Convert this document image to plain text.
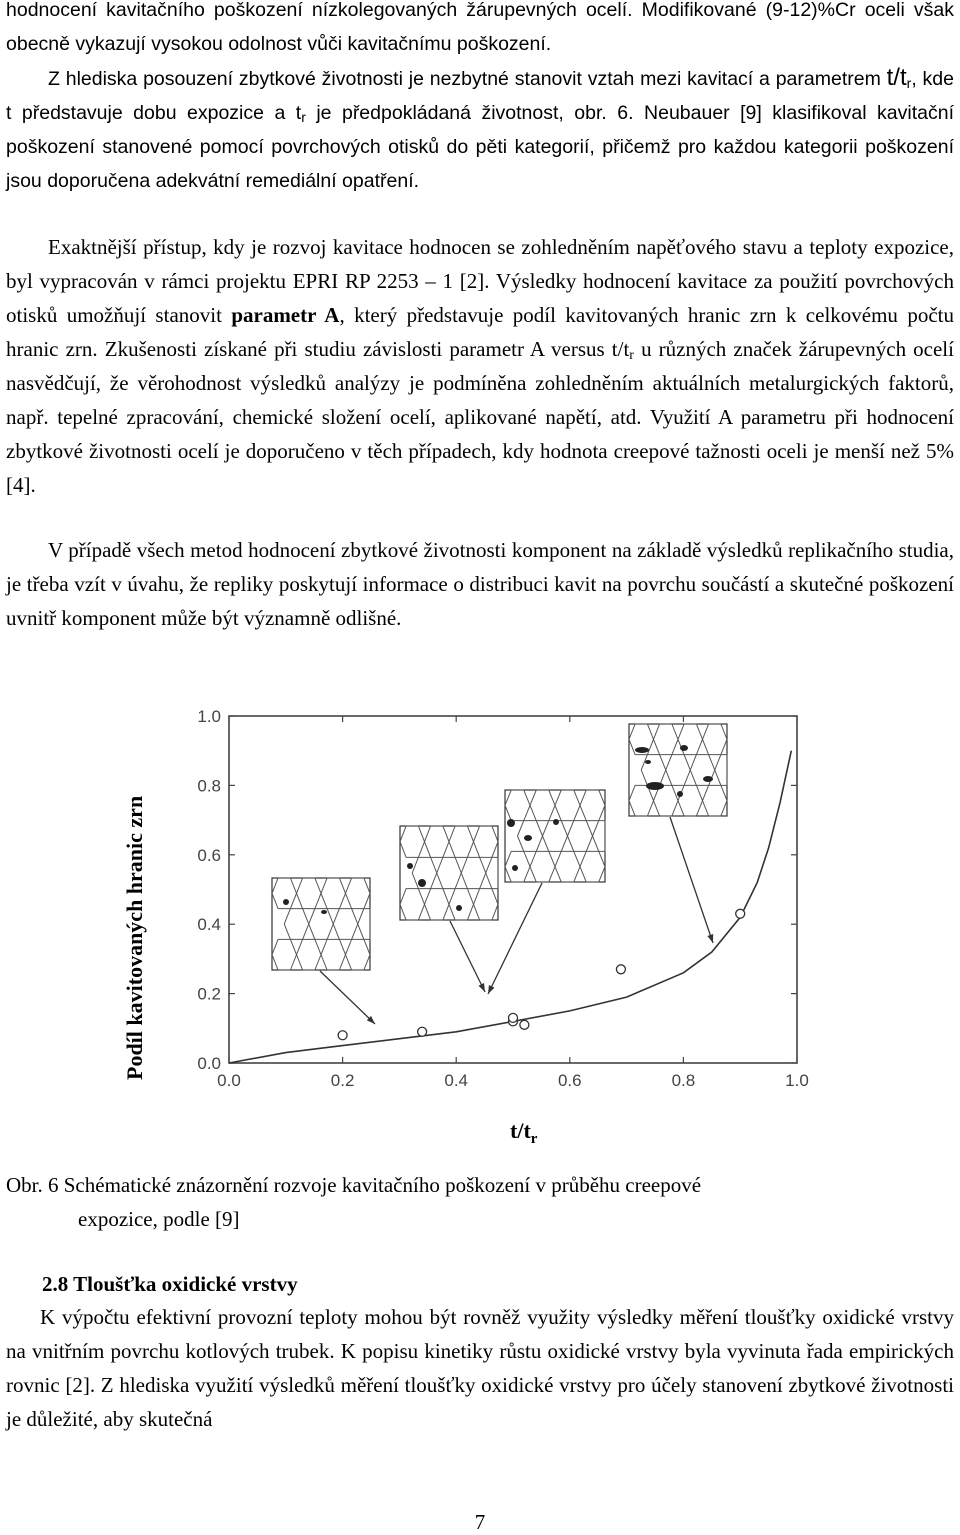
hodnocení kavitačního poškození nízkolegovaných žárupevných ocelí. Modifikované (9-12)%Cr oceli však obecně vykazují vysokou odolnost vůči kavitačnímu poškození.
Z hlediska posouzení zbytkové životnosti je nezbytné stanovit vztah mezi kavitací a parametrem $t/t_r$, kde t představuje dobu expozice a $t_r$ je předpokládaná životnost, obr. 6. Neubauer [9] klasifikoval kavitační poškození stanovené pomocí povrchových otisků do pěti kategorií, přičemž pro každou kategorii poškození jsou doporučena adekvátní remediální opatření.

Exaktnější přístup, kdy je rozvoj kavitace hodnocen se zohledněním napěťového stavu a teploty expozice, byl vypracován v rámci projektu EPRI RP 2253 – 1 [2]. Výsledky hodnocení kavitace za použití povrchových otisků umožňují stanovit parametr A, který představuje podíl kavitovaných hranic zrn k celkovému počtu hranic zrn. Zkušenosti získané při studiu závislosti parametr A versus $t/t_r$ u různých značek žárupevných ocelí nasvědčují, že věrohodnost výsledků analýzy je podmíněna zohledněním aktuálních metalurgických faktorů, např. tepelné zpracování, chemické složení ocelí, aplikované napětí, atd. Využití A parametru při hodnocení zbytkové životnosti ocelí je doporučeno v těch případech, kdy hodnota creepové tažnosti oceli je menší než 5% [4].

V případě všech metod hodnocení zbytkové životnosti komponent na základě výsledků replikačního studia, je třeba vzít v úvahu, že repliky poskytují informace o distribuci kavit na povrchu součástí a skutečné poškození uvnitř komponent může být významně odlišné.

Podíl kavitovaných hranic zrn
0.0	0.2	0.4	0.6	0.8	1.0
0.0
0.2
0.4
0.6
0.8
1.0
$t/t_r$
Obr. 6 Schématické znázornění rozvoje kavitačního poškození v průběhu creepové
expozice, podle [9]
2.8 Tloušťka oxidické vrstvy

K výpočtu efektivní provozní teploty mohou být rovněž využity výsledky měření tloušťky oxidické vrstvy na vnitřním povrchu kotlových trubek. K popisu kinetiky růstu oxidické vrstvy byla vyvinuta řada empirických rovnic [2]. Z hlediska využití výsledků měření tloušťky oxidické vrstvy pro účely stanovení zbytkové životnosti je důležité, aby skutečná

7
